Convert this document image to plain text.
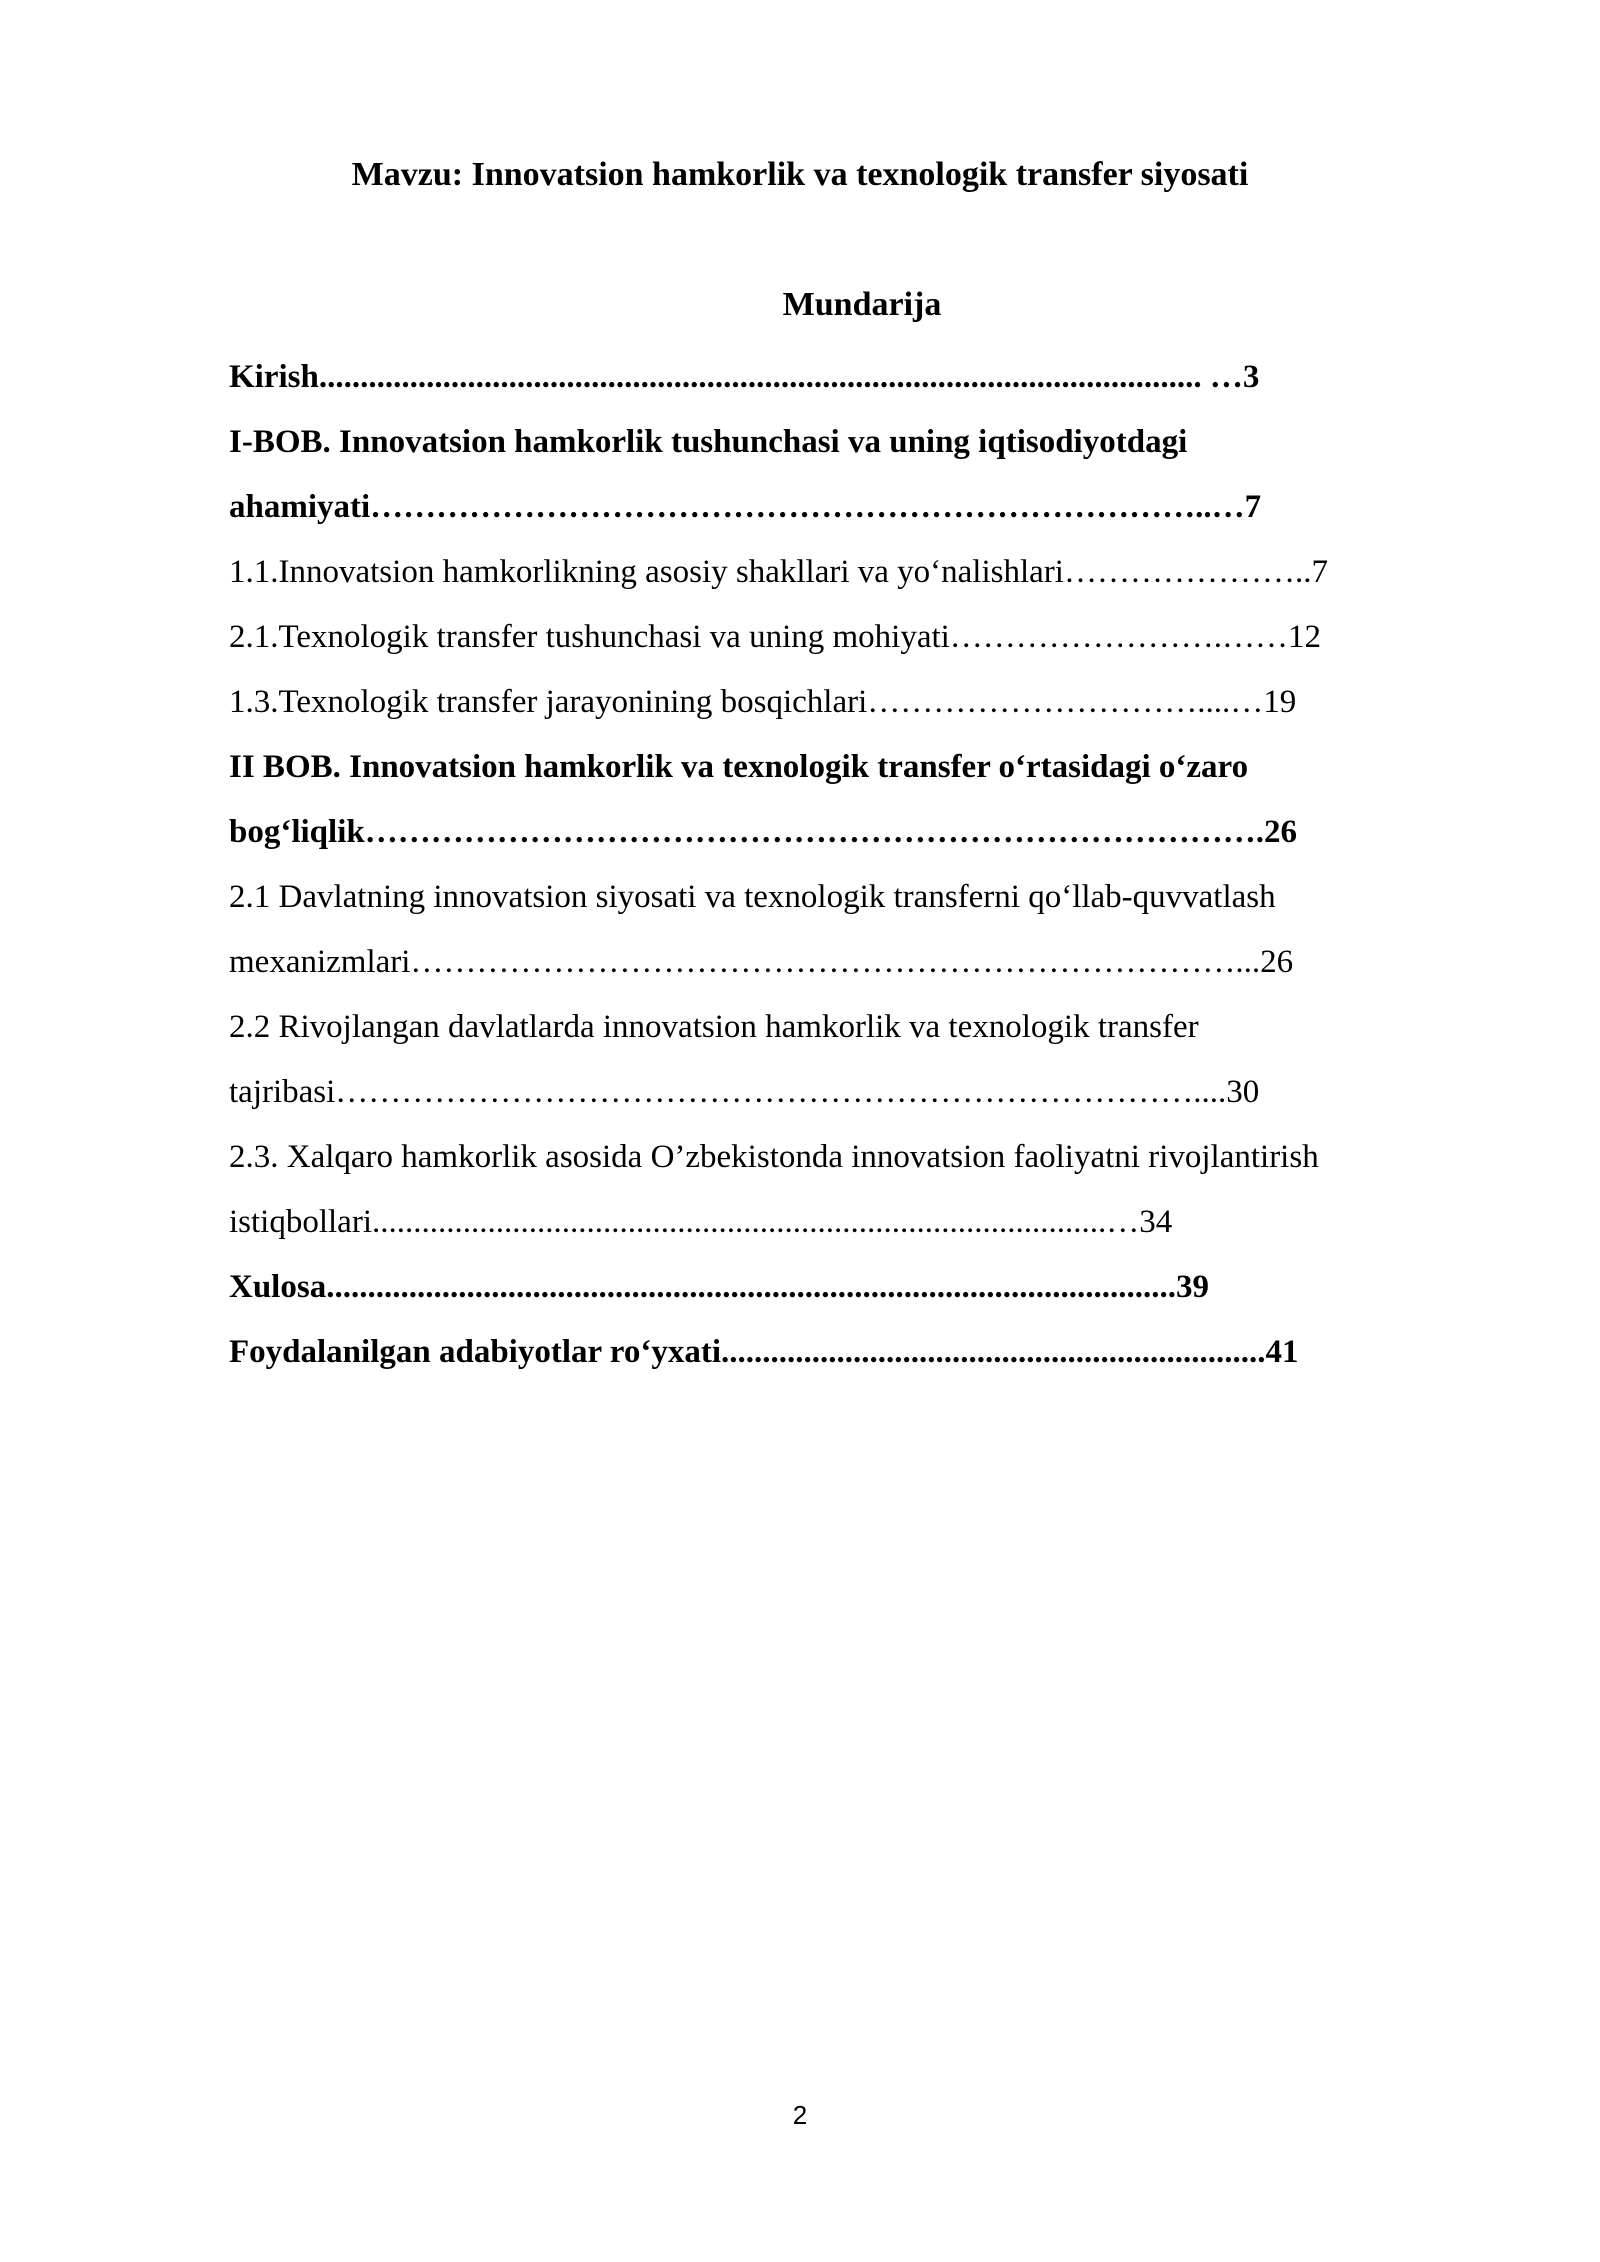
Mavzu: Innovatsion hamkorlik va texnologik transfer siyosati
Mundarija
Kirish........................................................................................................... …3
I-BOB. Innovatsion hamkorlik tushunchasi va uning iqtisodiyotdagi
ahamiyati…………………………………………………………………..…7
1.1.Innovatsion hamkorlikning asosiy shakllari va yo‘nalishlari…………………..7
2.1.Texnologik transfer tushunchasi va uning mohiyati…………………….……12
1.3.Texnologik transfer jarayonining bosqichlari…………………………....…19
II BOB. Innovatsion hamkorlik va texnologik transfer o‘rtasidagi o‘zaro
bog‘liqlik……………………………………………………………………….26
2.1 Davlatning innovatsion siyosati va texnologik transferni qo‘llab-quvvatlash
mexanizmlari…………………………………………………………………...26
2.2 Rivojlangan davlatlarda innovatsion hamkorlik va texnologik transfer
tajribasi……………………………………………………………………....30
2.3. Xalqaro hamkorlik asosida O’zbekistonda innovatsion faoliyatni rivojlantirish
istiqbollari.........................................................................................…34
Xulosa.......................................................................................................39
Foydalanilgan adabiyotlar ro‘yxati..................................................................41
2
